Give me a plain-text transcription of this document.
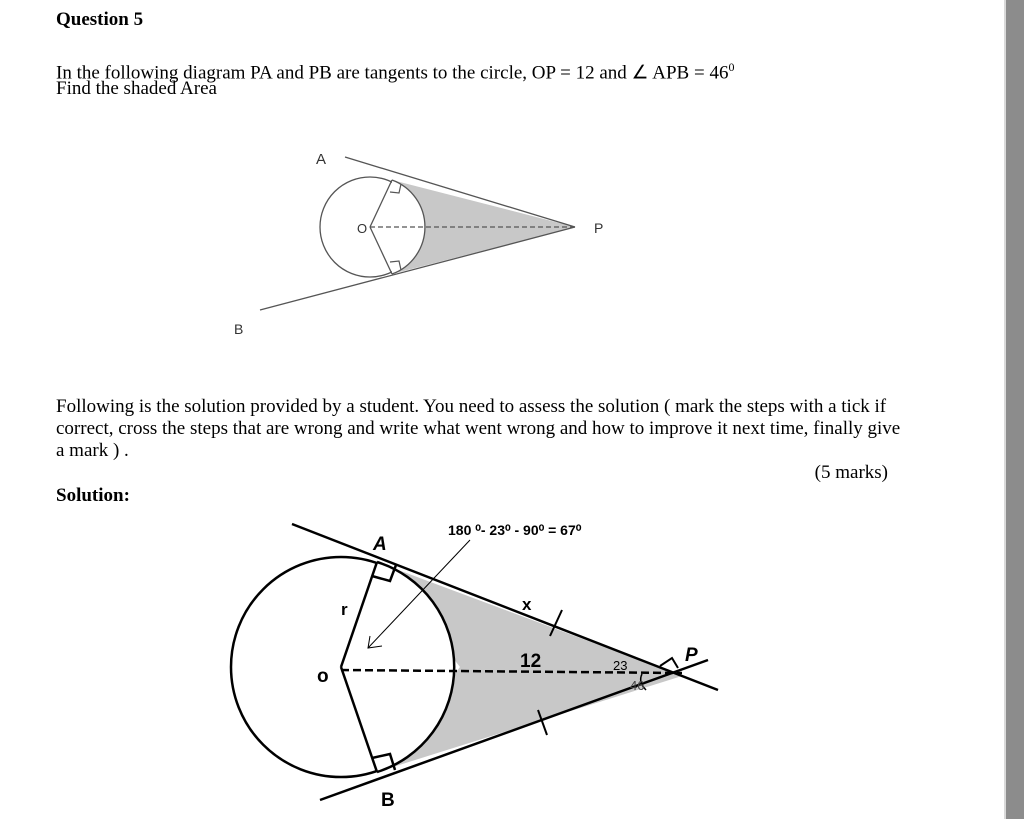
Question 5
In the following diagram PA and PB are tangents to the circle, OP = 12 and ∠ APB = $46^0$
Find the shaded Area
A
O	P
B
Following is the solution provided by a student. You need to assess the solution ( mark the steps with a tick if correct, cross the steps that are wrong and write what went wrong and how to improve it next time, finally give a mark ) .
(5 marks)
Solution:
A
r
o
x
12	23
46
P
B
180 ⁰- 23⁰ - 90⁰ = 67⁰
